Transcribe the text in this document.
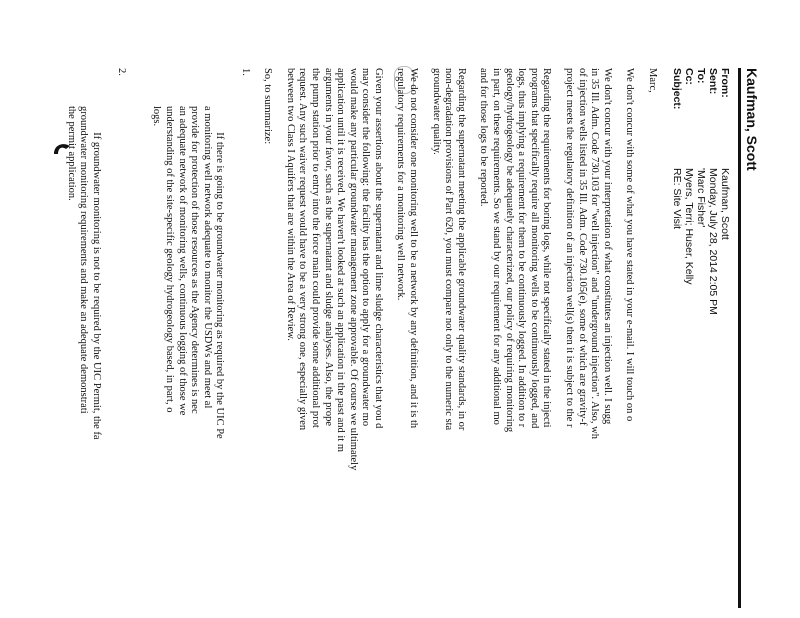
Kaufman, Scott
From:
Kaufman, Scott
Sent:
Monday, July 28, 2014 2:05 PM
To:
'Marc Fisher'
Cc:
Myers, Terri; Huser, Kelly
Subject:
RE: Site Visit

Marc,

We don't concur with some of what you have stated in your e-mail. I will touch on o

We don't concur with your interpretation of what constitutes an injection well. I sugg
in 35 Ill. Adm. Code 730.103 for "well injection" and "underground injection". Also, wh
of injection wells listed in 35 Ill. Adm. Code 730.105(e), some of which are gravity-f
project meets the regulatory definition of an injection well(s) then it is subject to the r

Regarding the requirements for boring logs, while not specifically stated in the injecti
programs that specifically require all monitoring wells to be continuously logged, and
logs, thus implying a requirement for them to be continuously logged. In addition to r
geology/hydrogeology be adequately characterized, our policy of requiring monitoring
in part, on these requirements. So we stand by our requirement for any additional mo
and for those logs to be reported.

Regarding the supernatant meeting the applicable groundwater quality standards, in or
non-degradation provisions of Part 620, you must compare not only to the numeric sta
groundwater quality.

We do not consider one monitoring well to be a network by any definition, and it is th
regulatory requirements for a monitoring well network.

Given your assertions about the supernatant and lime sludge characteristics that you d
may consider the following: the facility has the option to apply for a groundwater mo
would make any particular groundwater management zone approvable. Of course we ultimately
application until it is received. We haven't looked at such an application in the past and it m
arguments in your favor, such as the supernatant and sludge analyses. Also, the prope
the pump station prior to entry into the force main could provide some additional prot
request. Any such waiver request would have to be a very strong one, especially given
between two Class I Aquifers that are within the Area of Review.

So, to summarize:

1.

If there is going to be groundwater monitoring as required by the UIC Pe
a monitoring well network adequate to monitor the USDWs and meet al
provide for protection of those resources as the Agency determines is nec
an adequate network of monitoring wells, continuous logging of those we
understanding of the site-specific geology hydrogeology based, in part, o
logs.

2.

If groundwater monitoring is not to be required by the UIC Permit, the fa
groundwater monitoring requirements and make an adequate demonstrati
the permit application.
